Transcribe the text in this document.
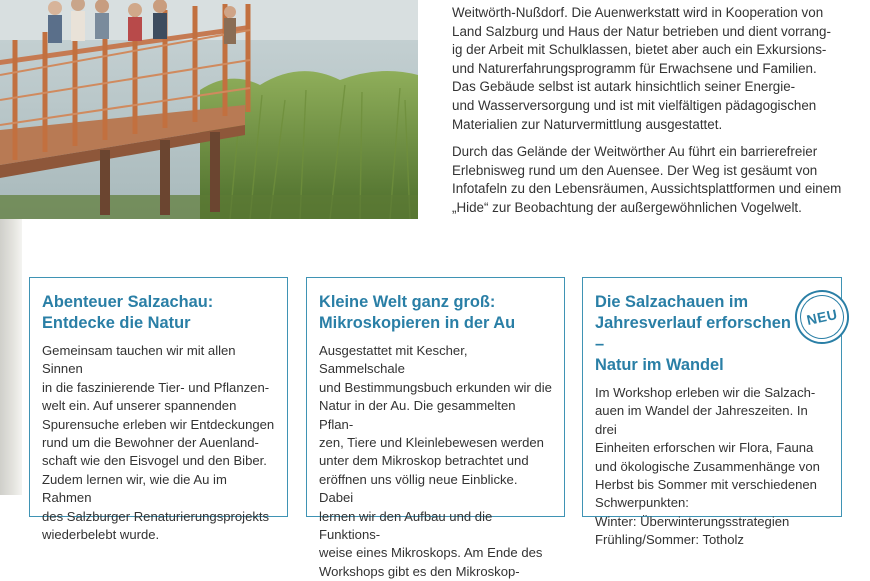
Weitwörth-Nußdorf. Die Auenwerkstatt wird in Kooperation von
Land Salzburg und Haus der Natur betrieben und dient vorrang-
ig der Arbeit mit Schulklassen, bietet aber auch ein Exkursions-
und Naturerfahrungsprogramm für Erwachsene und Familien.
Das Gebäude selbst ist autark hinsichtlich seiner Energie-
und Wasserversorgung und ist mit vielfältigen pädagogischen
Materialien zur Naturvermittlung ausgestattet.

Durch das Gelände der Weitwörther Au führt ein barrierefreier
Erlebnisweg rund um den Auensee. Der Weg ist gesäumt von
Infotafeln zu den Lebensräumen, Aussichtsplattformen und einem
„Hide“ zur Beobachtung der außergewöhnlichen Vogelwelt.

Abenteuer Salzachau:
Entdecke die Natur

Gemeinsam tauchen wir mit allen Sinnen
in die faszinierende Tier- und Pflanzen-
welt ein. Auf unserer spannenden
Spurensuche erleben wir Entdeckungen
rund um die Bewohner der Auenland-
schaft wie den Eisvogel und den Biber.
Zudem lernen wir, wie die Au im Rahmen
des Salzburger Renaturierungsprojekts
wiederbelebt wurde.

Kleine Welt ganz groß:
Mikroskopieren in der Au

Ausgestattet mit Kescher, Sammelschale
und Bestimmungsbuch erkunden wir die
Natur in der Au. Die gesammelten Pflan-
zen, Tiere und Kleinlebewesen werden
unter dem Mikroskop betrachtet und
eröffnen uns völlig neue Einblicke. Dabei
lernen wir den Aufbau und die Funktions-
weise eines Mikroskops. Am Ende des
Workshops gibt es den Mikroskop-

NEU
Die Salzachauen im
Jahresverlauf erforschen –
Natur im Wandel

Im Workshop erleben wir die Salzach-
auen im Wandel der Jahreszeiten. In drei
Einheiten erforschen wir Flora, Fauna
und ökologische Zusammenhänge von
Herbst bis Sommer mit verschiedenen
Schwerpunkten:
Winter: Überwinterungsstrategien
Frühling/Sommer: Totholz
